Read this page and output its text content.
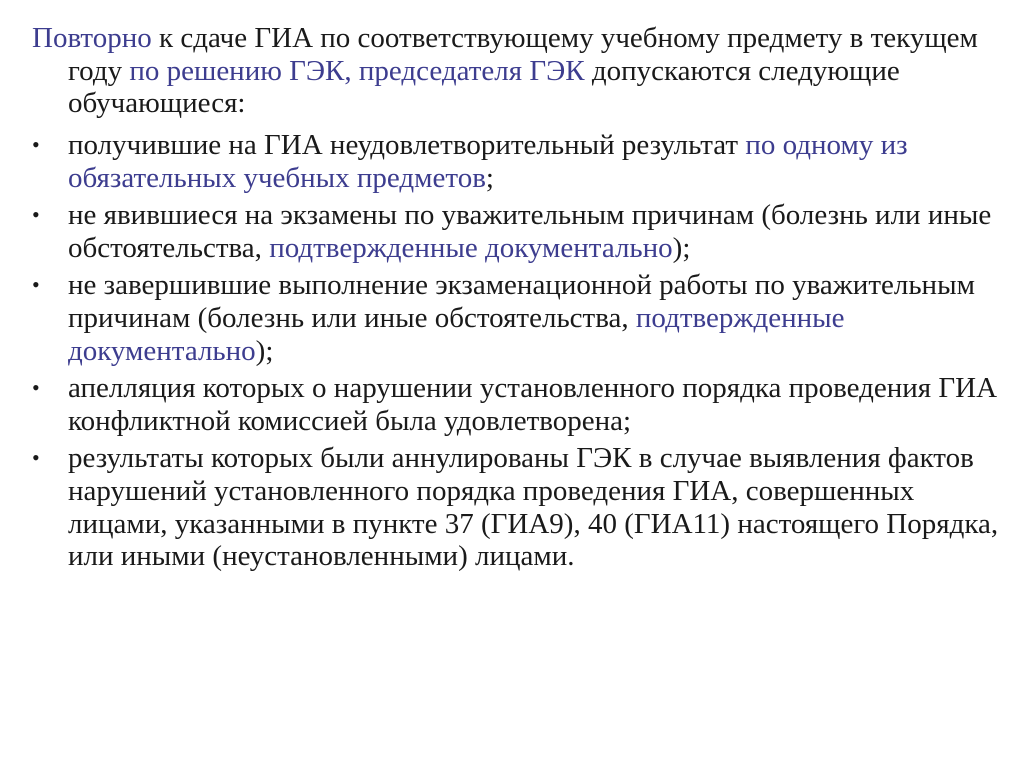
Повторно к сдаче ГИА по соответствующему учебному предмету в текущем году по решению ГЭК, председателя ГЭК допускаются следующие обучающиеся:

• получившие на ГИА неудовлетворительный результат по одному из обязательных учебных предметов;
• не явившиеся на экзамены по уважительным причинам (болезнь или иные обстоятельства, подтвержденные документально);
• не завершившие выполнение экзаменационной работы по уважительным причинам (болезнь или иные обстоятельства, подтвержденные документально);
• апелляция которых о нарушении установленного порядка проведения ГИА конфликтной комиссией была удовлетворена;
• результаты которых были аннулированы ГЭК в случае выявления фактов нарушений установленного порядка проведения ГИА, совершенных лицами, указанными в пункте 37 (ГИА9), 40 (ГИА11) настоящего Порядка, или иными (неустановленными) лицами.
